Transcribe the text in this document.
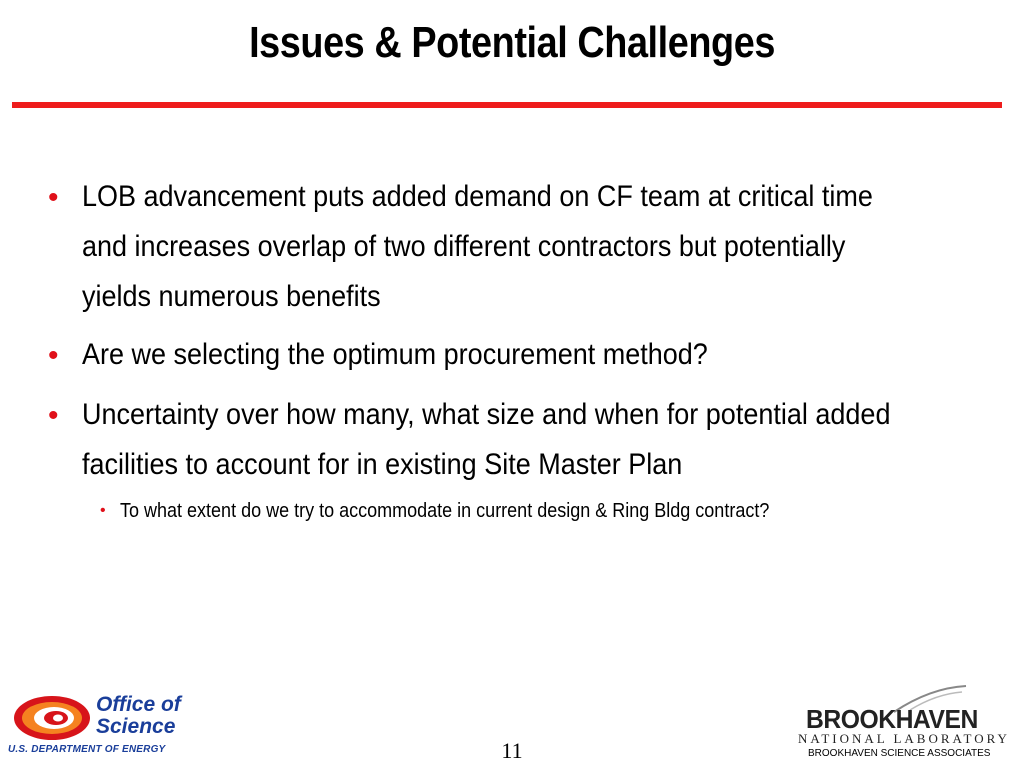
Issues & Potential Challenges
• LOB advancement puts added demand on CF team at critical time and increases overlap of two different contractors but potentially yields numerous benefits
• Are we selecting the optimum procurement method?
• Uncertainty over how many, what size and when for potential added facilities to account for in existing Site Master Plan
• To what extent do we try to accommodate in current design & Ring Bldg contract?
Office of
Science
U.S. DEPARTMENT OF ENERGY	11
BROOKHAVEN
NATIONAL LABORATORY
BROOKHAVEN SCIENCE ASSOCIATES
